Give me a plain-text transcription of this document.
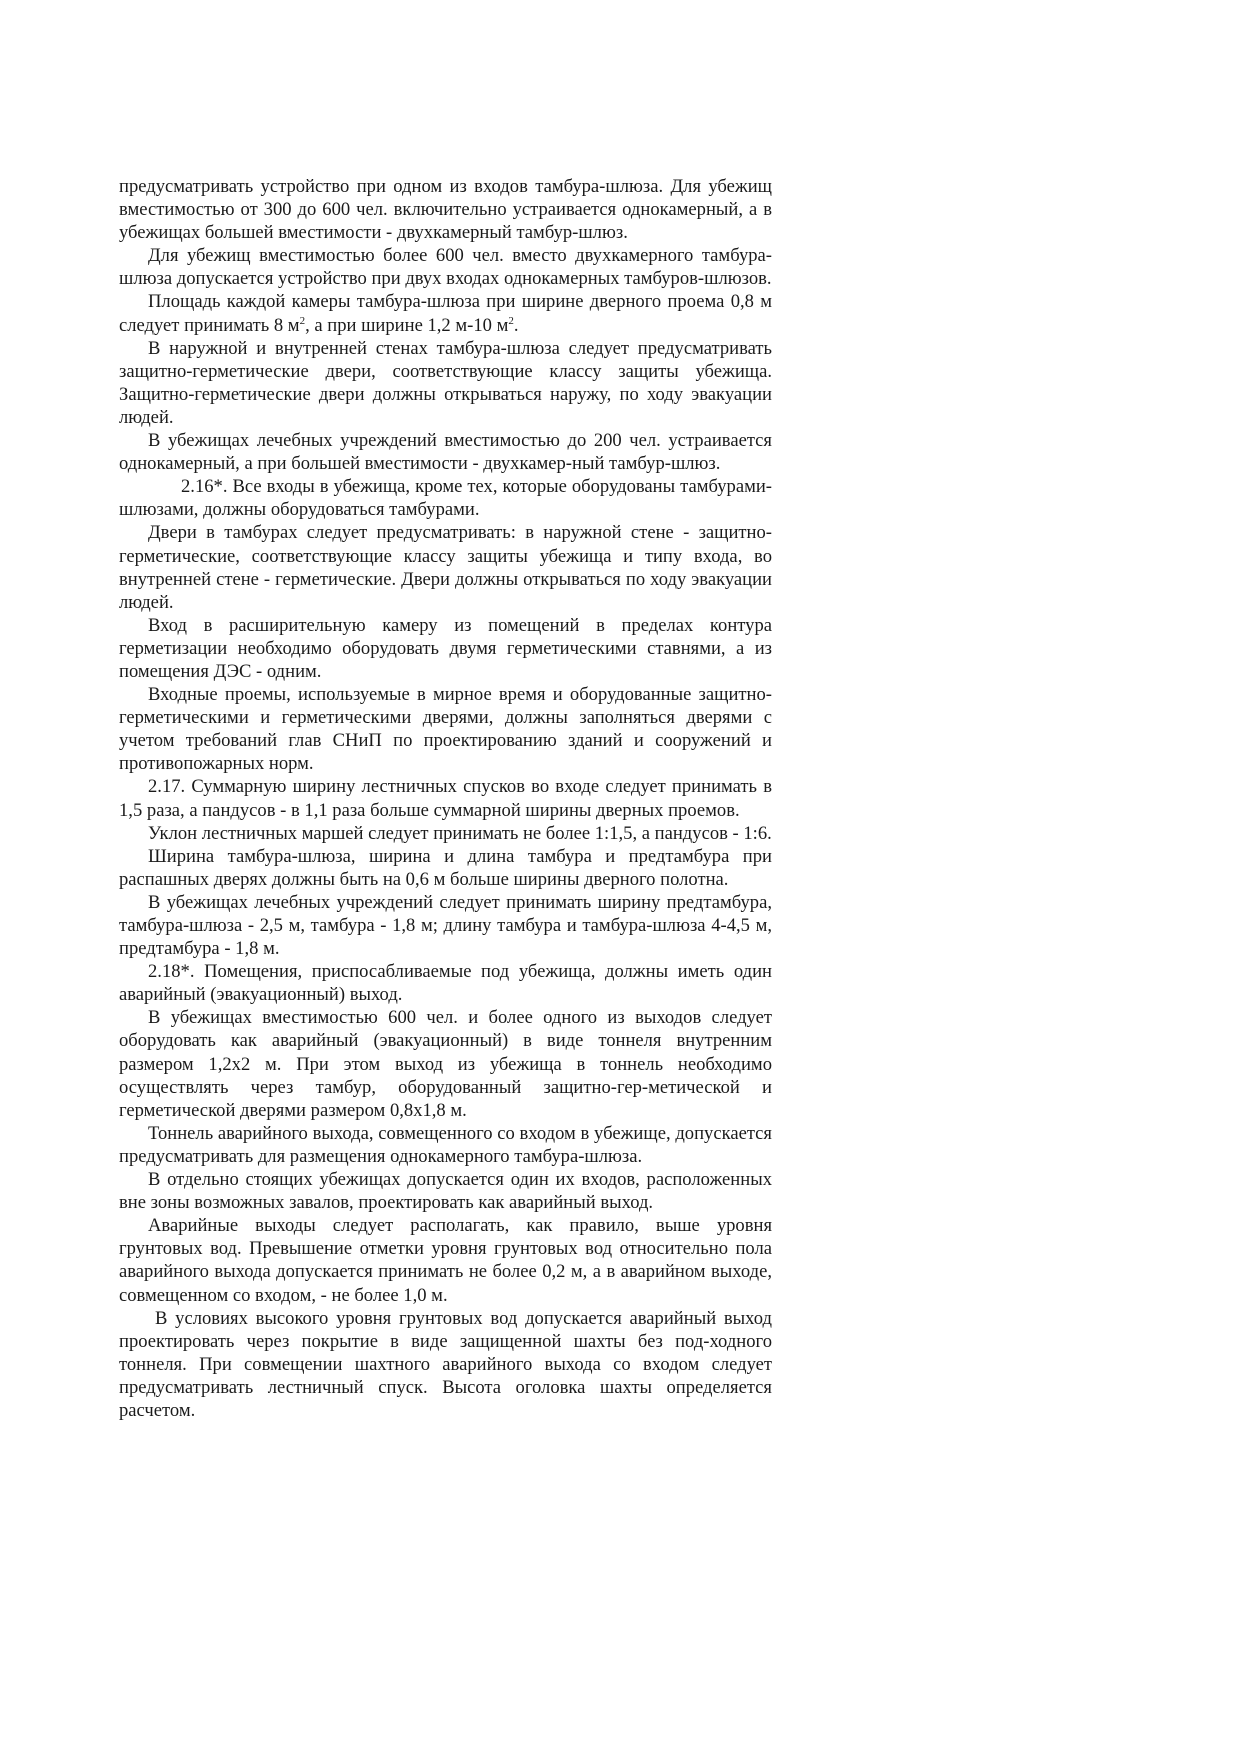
предусматривать устройство при одном из входов тамбура-шлюза. Для убежищ вместимостью от 300 до 600 чел. включительно устраивается однокамерный, а в убежищах большей вместимости - двухкамерный тамбур-шлюз.

Для убежищ вместимостью более 600 чел. вместо двухкамерного тамбура-шлюза допускается устройство при двух входах однокамерных тамбуров-шлюзов.

Площадь каждой камеры тамбура-шлюза при ширине дверного проема 0,8 м следует принимать 8 $м^2$, а при ширине 1,2 м-10 $м^2$.

В наружной и внутренней стенах тамбура-шлюза следует предусматривать защитно-герметические двери, соответствующие классу защиты убежища. Защитно-герметические двери должны открываться наружу, по ходу эвакуации людей.

В убежищах лечебных учреждений вместимостью до 200 чел. устраивается однокамерный, а при большей вместимости - двухкамер-ный тамбур-шлюз.

2.16*. Все входы в убежища, кроме тех, которые оборудованы тамбурами-шлюзами, должны оборудоваться тамбурами.

Двери в тамбурах следует предусматривать: в наружной стене - защитно-герметические, соответствующие классу защиты убежища и типу входа, во внутренней стене - герметические. Двери должны открываться по ходу эвакуации людей.

Вход в расширительную камеру из помещений в пределах контура герметизации необходимо оборудовать двумя герметическими ставнями, а из помещения ДЭС - одним.

Входные проемы, используемые в мирное время и оборудованные защитно-герметическими и герметическими дверями, должны заполняться дверями с учетом требований глав СНиП по проектированию зданий и сооружений и противопожарных норм.

2.17. Суммарную ширину лестничных спусков во входе следует принимать в 1,5 раза, а пандусов - в 1,1 раза больше суммарной ширины дверных проемов.

Уклон лестничных маршей следует принимать не более 1:1,5, а пандусов - 1:6.

Ширина тамбура-шлюза, ширина и длина тамбура и предтамбура при распашных дверях должны быть на 0,6 м больше ширины дверного полотна.

В убежищах лечебных учреждений следует принимать ширину предтамбура, тамбура-шлюза - 2,5 м, тамбура - 1,8 м; длину тамбура и тамбура-шлюза 4-4,5 м, предтамбура - 1,8 м.

2.18*. Помещения, приспосабливаемые под убежища, должны иметь один аварийный (эвакуационный) выход.

В убежищах вместимостью 600 чел. и более одного из выходов следует оборудовать как аварийный (эвакуационный) в виде тоннеля внутренним размером 1,2х2 м. При этом выход из убежища в тоннель необходимо осуществлять через тамбур, оборудованный защитно-гер-метической и герметической дверями размером 0,8х1,8 м.

Тоннель аварийного выхода, совмещенного со входом в убежище, допускается предусматривать для размещения однокамерного тамбура-шлюза.

В отдельно стоящих убежищах допускается один их входов, расположенных вне зоны возможных завалов, проектировать как аварийный выход.

Аварийные выходы следует располагать, как правило, выше уровня грунтовых вод. Превышение отметки уровня грунтовых вод относительно пола аварийного выхода допускается принимать не более 0,2 м, а в аварийном выходе, совмещенном со входом, - не более 1,0 м.

В условиях высокого уровня грунтовых вод допускается аварийный выход проектировать через покрытие в виде защищенной шахты без под-ходного тоннеля. При совмещении шахтного аварийного выхода со входом следует предусматривать лестничный спуск. Высота оголовка шахты определяется расчетом.
